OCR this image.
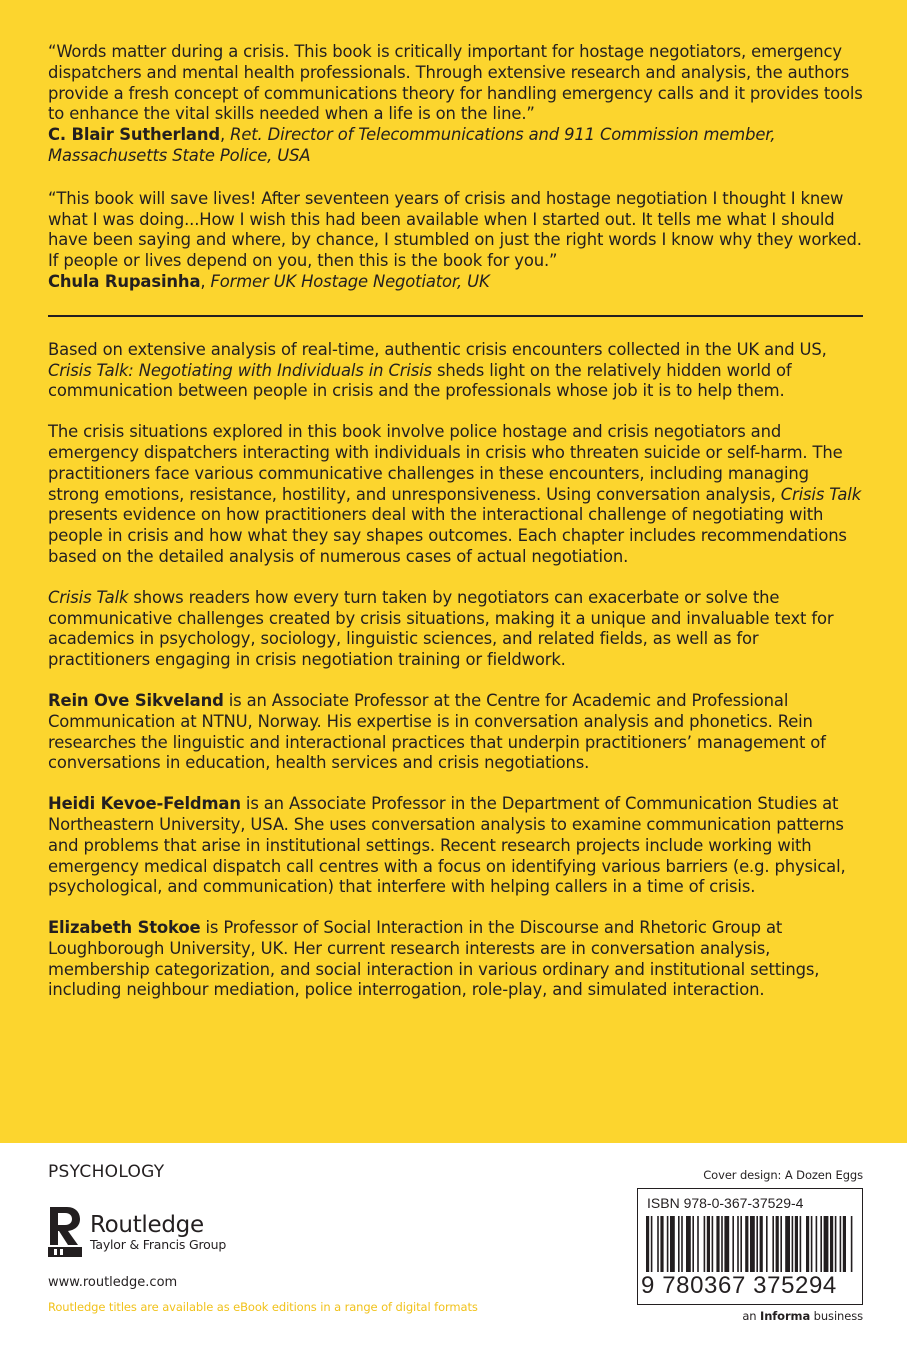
“Words matter during a crisis. This book is critically important for hostage negotiators, emergency dispatchers and mental health professionals. Through extensive research and analysis, the authors provide a fresh concept of communications theory for handling emergency calls and it provides tools to enhance the vital skills needed when a life is on the line.”

C. Blair Sutherland, Ret. Director of Telecommunications and 911 Commission member, Massachusetts State Police, USA

“This book will save lives! After seventeen years of crisis and hostage negotiation I thought I knew what I was doing...How I wish this had been available when I started out. It tells me what I should have been saying and where, by chance, I stumbled on just the right words I know why they worked. If people or lives depend on you, then this is the book for you.”

Chula Rupasinha, Former UK Hostage Negotiator, UK

Based on extensive analysis of real-time, authentic crisis encounters collected in the UK and US, Crisis Talk: Negotiating with Individuals in Crisis sheds light on the relatively hidden world of communication between people in crisis and the professionals whose job it is to help them.

The crisis situations explored in this book involve police hostage and crisis negotiators and emergency dispatchers interacting with individuals in crisis who threaten suicide or self-harm. The practitioners face various communicative challenges in these encounters, including managing strong emotions, resistance, hostility, and unresponsiveness. Using conversation analysis, Crisis Talk presents evidence on how practitioners deal with the interactional challenge of negotiating with people in crisis and how what they say shapes outcomes. Each chapter includes recommendations based on the detailed analysis of numerous cases of actual negotiation.

Crisis Talk shows readers how every turn taken by negotiators can exacerbate or solve the communicative challenges created by crisis situations, making it a unique and invaluable text for academics in psychology, sociology, linguistic sciences, and related fields, as well as for practitioners engaging in crisis negotiation training or fieldwork.

Rein Ove Sikveland is an Associate Professor at the Centre for Academic and Professional Communication at NTNU, Norway. His expertise is in conversation analysis and phonetics. Rein researches the linguistic and interactional practices that underpin practitioners’ management of conversations in education, health services and crisis negotiations.

Heidi Kevoe-Feldman is an Associate Professor in the Department of Communication Studies at Northeastern University, USA. She uses conversation analysis to examine communication patterns and problems that arise in institutional settings. Recent research projects include working with emergency medical dispatch call centres with a focus on identifying various barriers (e.g. physical, psychological, and communication) that interfere with helping callers in a time of crisis.

Elizabeth Stokoe is Professor of Social Interaction in the Discourse and Rhetoric Group at Loughborough University, UK. Her current research interests are in conversation analysis, membership categorization, and social interaction in various ordinary and institutional settings, including neighbour mediation, police interrogation, role-play, and simulated interaction.

PSYCHOLOGY
Routledge
Taylor & Francis Group
www.routledge.com
Routledge titles are available as eBook editions in a range of digital formats
Cover design: A Dozen Eggs
ISBN 978-0-367-37529-4
9 780367 375294
an Informa business
